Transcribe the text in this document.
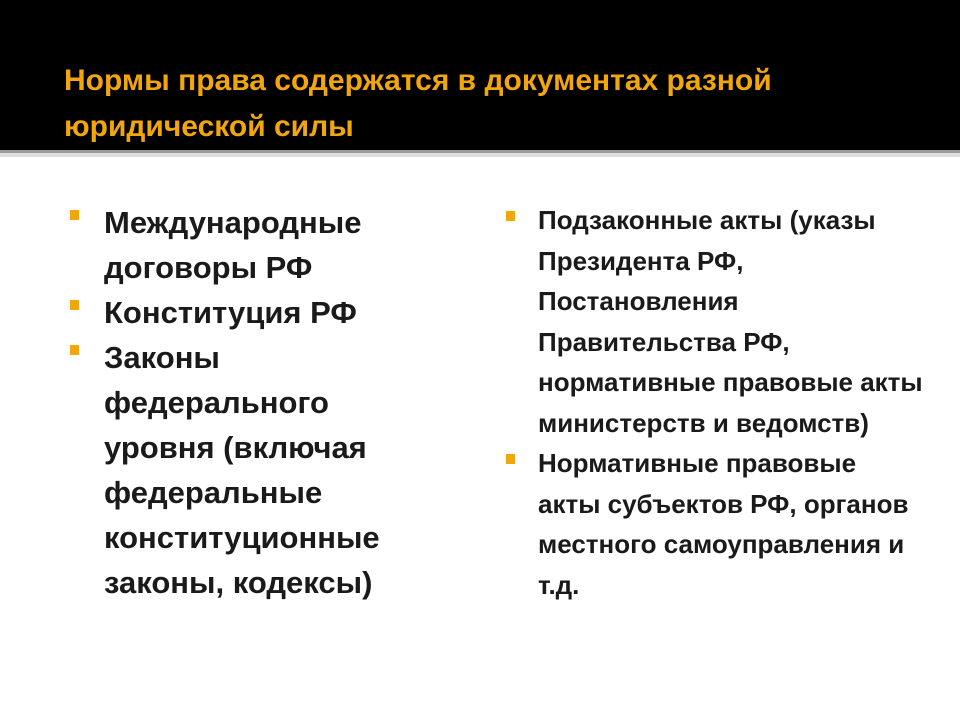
Нормы права содержатся в документах разной юридической силы
Международные договоры РФ
Конституция РФ
Законы федерального уровня (включая федеральные конституционные законы, кодексы)
Подзаконные акты (указы Президента РФ, Постановления Правительства РФ, нормативные правовые акты министерств и ведомств)
Нормативные правовые акты субъектов РФ, органов местного самоуправления и т.д.
